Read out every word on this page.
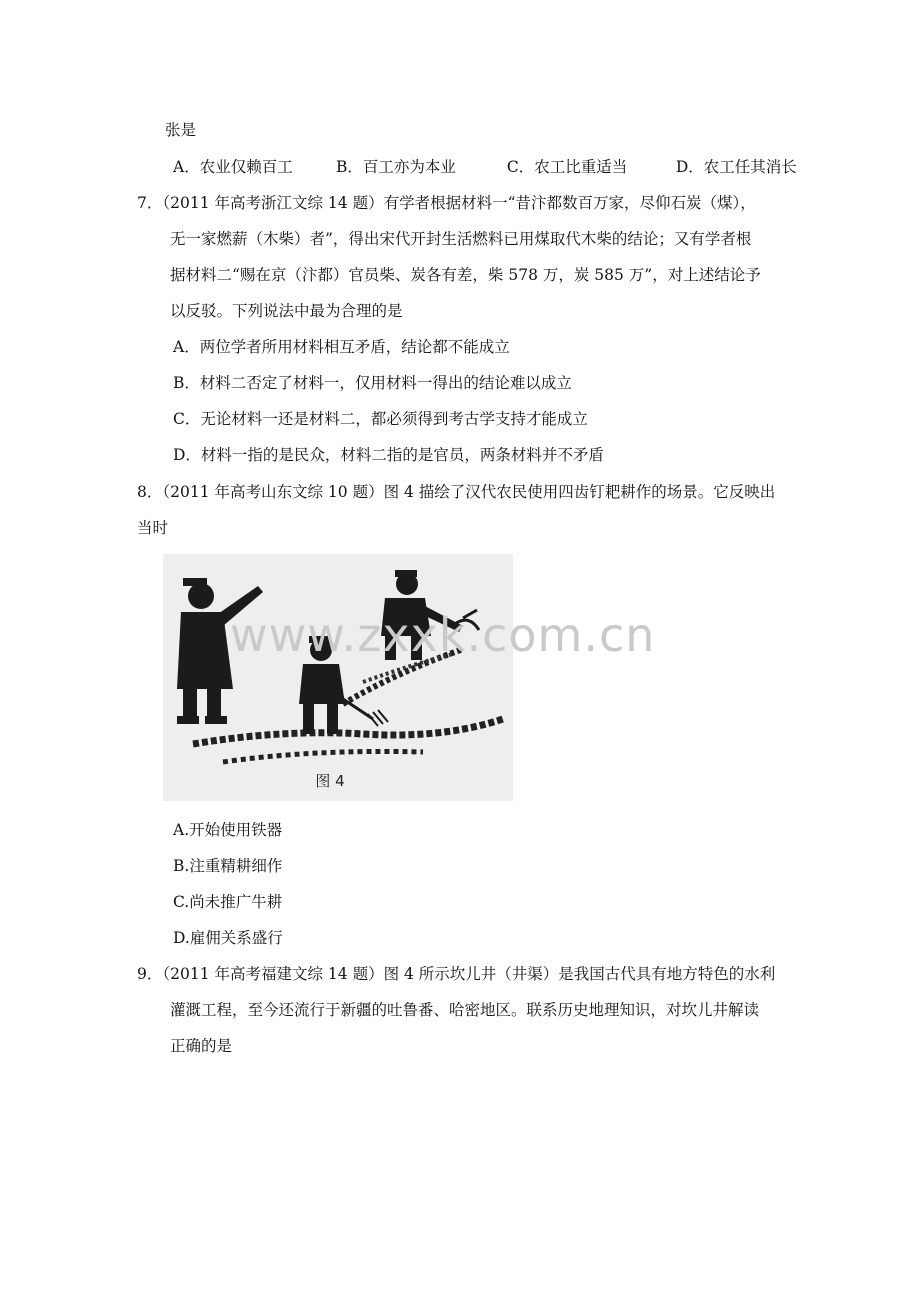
张是
A．农业仅赖百工	B．百工亦为本业	C．农工比重适当	D．农工任其消长
7．（2011 年高考浙江文综 14 题）有学者根据材料一“昔汴都数百万家，尽仰石炭（煤），
无一家燃薪（木柴）者”，得出宋代开封生活燃料已用煤取代木柴的结论；又有学者根
据材料二“赐在京（汴都）官员柴、炭各有差，柴 578 万，炭 585 万”，对上述结论予
以反驳。下列说法中最为合理的是
A．两位学者所用材料相互矛盾，结论都不能成立
B．材料二否定了材料一，仅用材料一得出的结论难以成立
C．无论材料一还是材料二，都必须得到考古学支持才能成立
D．材料一指的是民众，材料二指的是官员，两条材料并不矛盾
8．（2011 年高考山东文综 10 题）图 4 描绘了汉代农民使用四齿钉耙耕作的场景。它反映出
当时
图 4
www.zxxk.com.cn
A.开始使用铁器
B.注重精耕细作
C.尚未推广牛耕
D.雇佣关系盛行
9．（2011 年高考福建文综 14 题）图 4 所示坎儿井（井渠）是我国古代具有地方特色的水利
灌溉工程，至今还流行于新疆的吐鲁番、哈密地区。联系历史地理知识，对坎儿井解读
正确的是
